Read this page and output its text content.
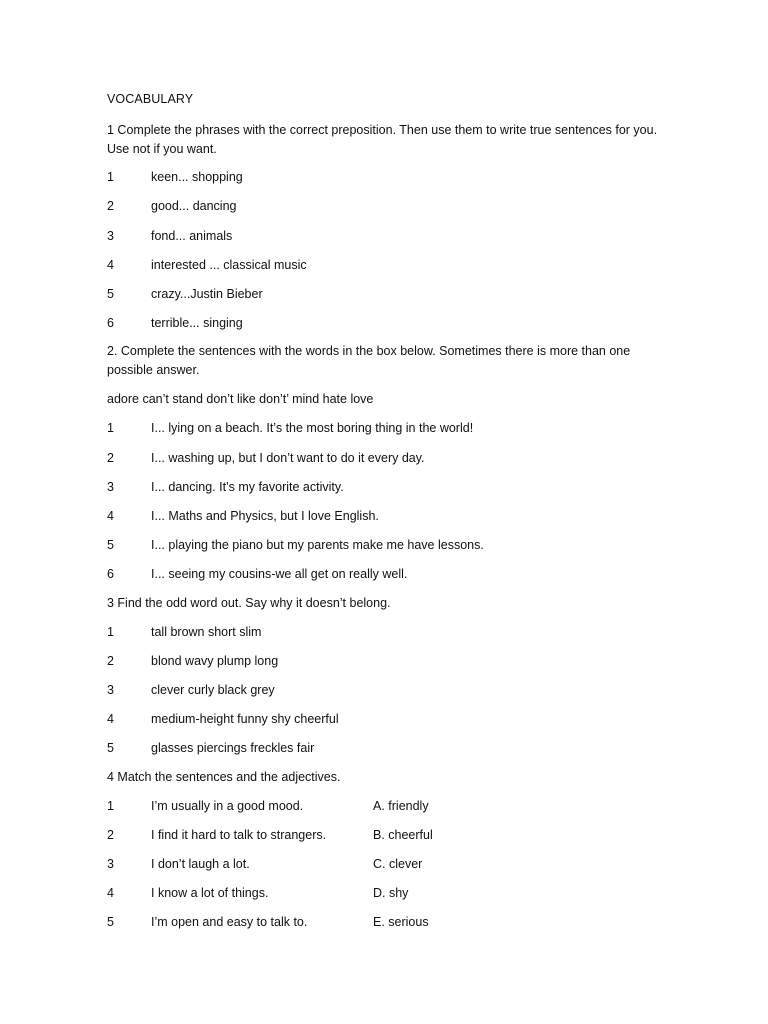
VOCABULARY
1 Complete the phrases with the correct preposition. Then use them to write true sentences for you. Use not if you want.
1	keen... shopping
2	good... dancing
3	fond... animals
4	interested ... classical music
5	crazy...Justin Bieber
6	terrible... singing
2. Complete the sentences with the words in the box below. Sometimes there is more than one possible answer.
adore can’t stand don’t like don’t’ mind hate love
1	I... lying on a beach. It’s the most boring thing in the world!
2	I... washing up, but I don’t want to do it every day.
3	I... dancing. It’s my favorite activity.
4	I... Maths and Physics, but I love English.
5	I... playing the piano but my parents make me have lessons.
6	I... seeing my cousins-we all get on really well.
3 Find the odd word out. Say why it doesn’t belong.
1	tall brown short slim
2	blond wavy plump long
3	clever curly black grey
4	medium-height funny shy cheerful
5	glasses piercings freckles fair
4 Match the sentences and the adjectives.
1	I’m usually in a good mood.	A. friendly
2	I find it hard to talk to strangers.	B. cheerful
3	I don’t laugh a lot.	C. clever
4	I know a lot of things.	D. shy
5	I’m open and easy to talk to.	E. serious
